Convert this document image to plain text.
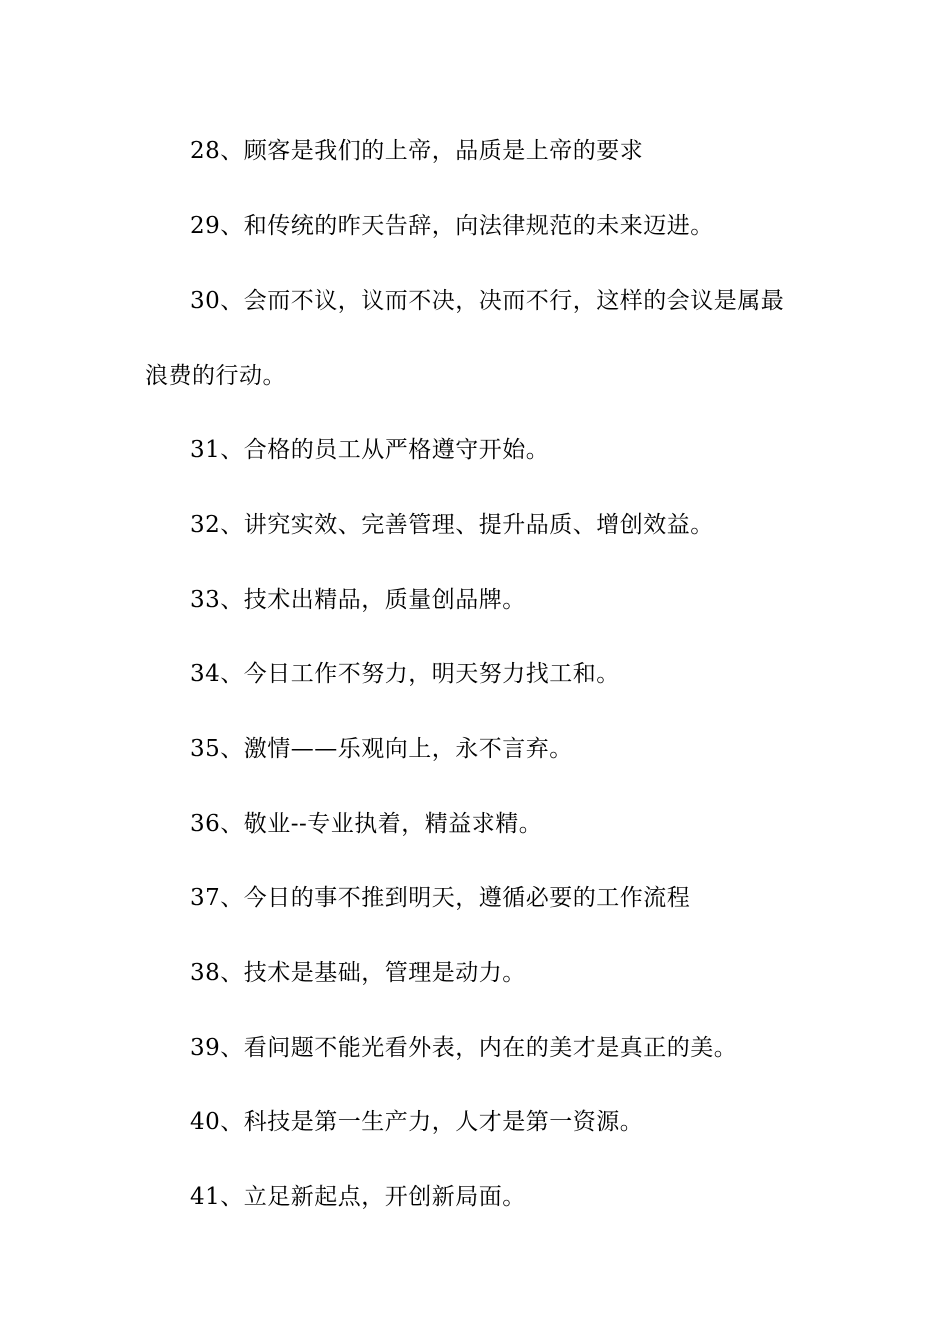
28、顾客是我们的上帝，品质是上帝的要求
29、和传统的昨天告辞，向法律规范的未来迈进。
30、会而不议，议而不决，决而不行，这样的会议是属最
浪费的行动。
31、合格的员工从严格遵守开始。
32、讲究实效、完善管理、提升品质、增创效益。
33、技术出精品，质量创品牌。
34、今日工作不努力，明天努力找工和。
35、激情——乐观向上，永不言弃。
36、敬业--专业执着，精益求精。
37、今日的事不推到明天，遵循必要的工作流程
38、技术是基础，管理是动力。
39、看问题不能光看外表，内在的美才是真正的美。
40、科技是第一生产力，人才是第一资源。
41、立足新起点，开创新局面。
